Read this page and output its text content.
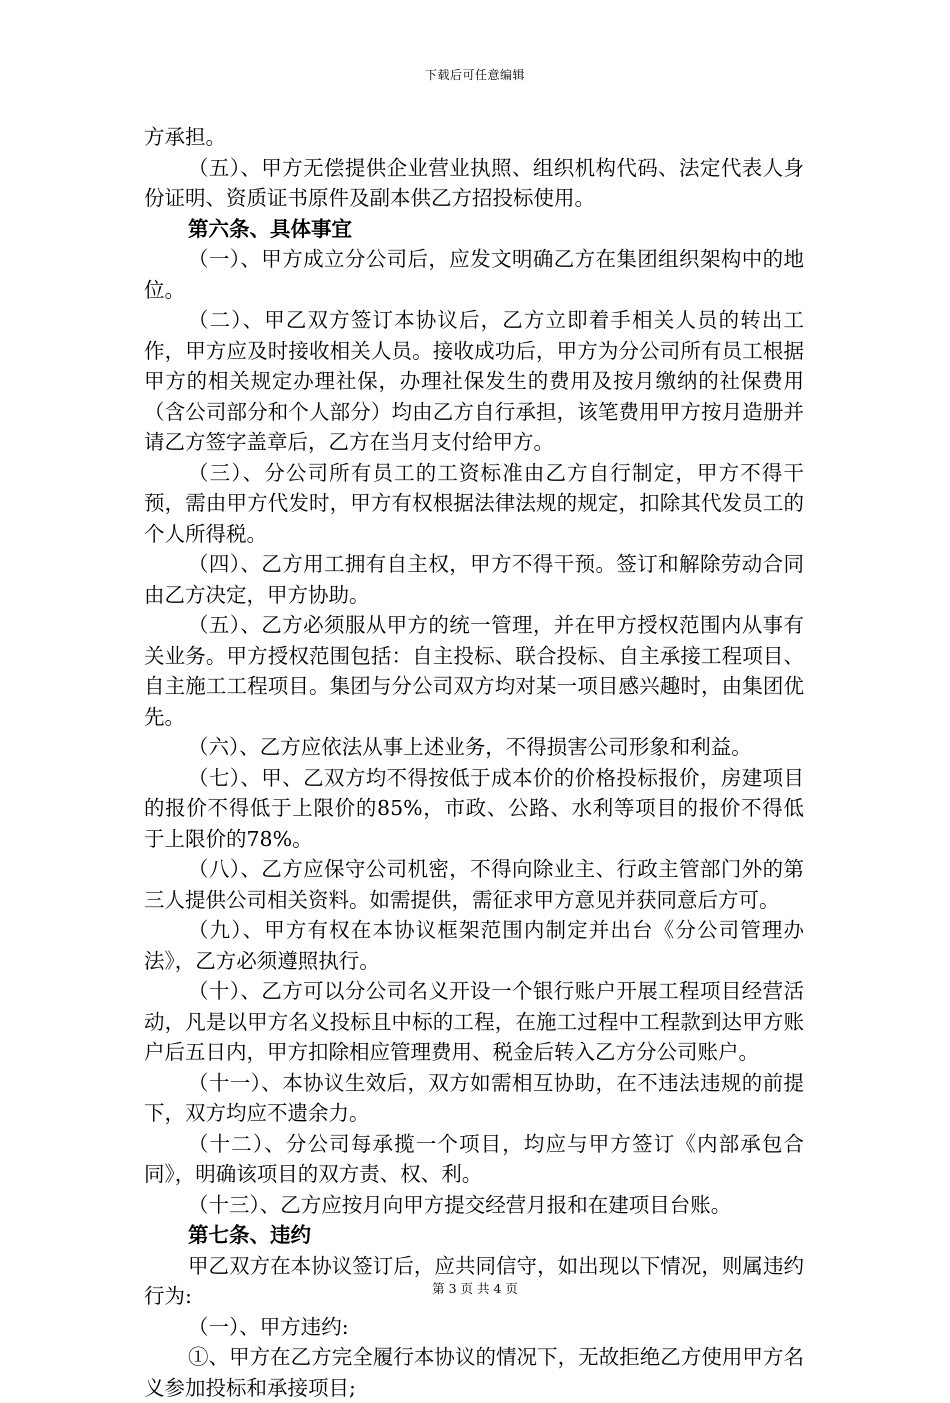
下载后可任意编辑

方承担。

（五）、甲方无偿提供企业营业执照、组织机构代码、法定代表人身份证明、资质证书原件及副本供乙方招投标使用。

第六条、具体事宜

（一）、甲方成立分公司后，应发文明确乙方在集团组织架构中的地位。

（二）、甲乙双方签订本协议后，乙方立即着手相关人员的转出工作，甲方应及时接收相关人员。接收成功后，甲方为分公司所有员工根据甲方的相关规定办理社保，办理社保发生的费用及按月缴纳的社保费用（含公司部分和个人部分）均由乙方自行承担，该笔费用甲方按月造册并请乙方签字盖章后，乙方在当月支付给甲方。

（三）、分公司所有员工的工资标准由乙方自行制定，甲方不得干预，需由甲方代发时，甲方有权根据法律法规的规定，扣除其代发员工的个人所得税。

（四）、乙方用工拥有自主权，甲方不得干预。签订和解除劳动合同由乙方决定，甲方协助。

（五）、乙方必须服从甲方的统一管理，并在甲方授权范围内从事有关业务。甲方授权范围包括：自主投标、联合投标、自主承接工程项目、自主施工工程项目。集团与分公司双方均对某一项目感兴趣时，由集团优先。

（六）、乙方应依法从事上述业务，不得损害公司形象和利益。

（七）、甲、乙双方均不得按低于成本价的价格投标报价，房建项目的报价不得低于上限价的85%，市政、公路、水利等项目的报价不得低于上限价的78%。

（八）、乙方应保守公司机密，不得向除业主、行政主管部门外的第三人提供公司相关资料。如需提供，需征求甲方意见并获同意后方可。

（九）、甲方有权在本协议框架范围内制定并出台《分公司管理办法》，乙方必须遵照执行。

（十）、乙方可以分公司名义开设一个银行账户开展工程项目经营活动，凡是以甲方名义投标且中标的工程，在施工过程中工程款到达甲方账户后五日内，甲方扣除相应管理费用、税金后转入乙方分公司账户。

（十一）、本协议生效后，双方如需相互协助，在不违法违规的前提下，双方均应不遗余力。

（十二）、分公司每承揽一个项目，均应与甲方签订《内部承包合同》，明确该项目的双方责、权、利。

（十三）、乙方应按月向甲方提交经营月报和在建项目台账。

第七条、违约

甲乙双方在本协议签订后，应共同信守，如出现以下情况，则属违约行为:

（一）、甲方违约:

①、甲方在乙方完全履行本协议的情况下，无故拒绝乙方使用甲方名义参加投标和承接项目;

第 3 页 共 4 页
